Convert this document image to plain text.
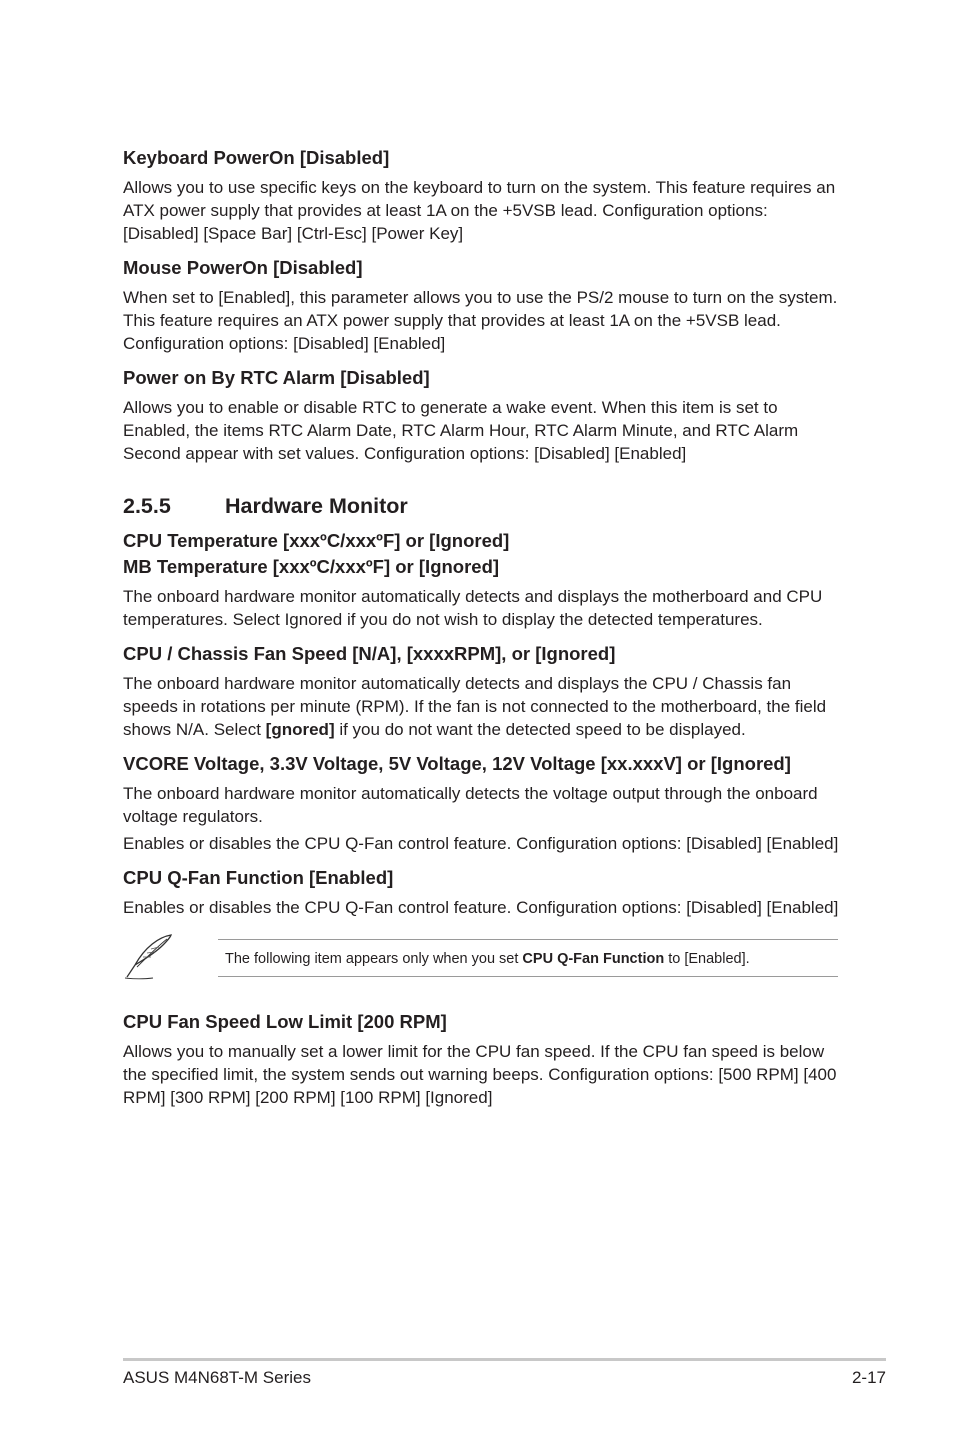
Keyboard PowerOn [Disabled]
Allows you to use specific keys on the keyboard to turn on the system. This feature requires an ATX power supply that provides at least 1A on the +5VSB lead. Configuration options: [Disabled] [Space Bar] [Ctrl-Esc] [Power Key]
Mouse PowerOn [Disabled]
When set to [Enabled], this parameter allows you to use the PS/2 mouse to turn on the system. This feature requires an ATX power supply that provides at least 1A on the +5VSB lead. Configuration options: [Disabled] [Enabled]
Power on By RTC Alarm [Disabled]
Allows you to enable or disable RTC to generate a wake event. When this item is set to Enabled, the items RTC Alarm Date, RTC Alarm Hour, RTC Alarm Minute, and RTC Alarm Second appear with set values. Configuration options: [Disabled] [Enabled]
2.5.5	Hardware Monitor
CPU Temperature [xxxºC/xxxºF] or [Ignored]
MB Temperature [xxxºC/xxxºF] or [Ignored]
The onboard hardware monitor automatically detects and displays the motherboard and CPU temperatures. Select Ignored if you do not wish to display the detected temperatures.
CPU / Chassis Fan Speed [N/A], [xxxxRPM], or [Ignored]
The onboard hardware monitor automatically detects and displays the CPU / Chassis fan speeds in rotations per minute (RPM). If the fan is not connected to the motherboard, the field shows N/A. Select [gnored] if you do not want the detected speed to be displayed.
VCORE Voltage, 3.3V Voltage, 5V Voltage, 12V Voltage [xx.xxxV] or [Ignored]
The onboard hardware monitor automatically detects the voltage output through the onboard voltage regulators.
Enables or disables the CPU Q-Fan control feature. Configuration options: [Disabled] [Enabled]
CPU Q-Fan Function [Enabled]
Enables or disables the CPU Q-Fan control feature. Configuration options: [Disabled] [Enabled]
The following item appears only when you set CPU Q-Fan Function to [Enabled].
CPU Fan Speed Low Limit [200 RPM]
Allows you to manually set a lower limit for the CPU fan speed. If the CPU fan speed is below the specified limit, the system sends out warning beeps. Configuration options: [500 RPM] [400 RPM] [300 RPM] [200 RPM] [100 RPM] [Ignored]
ASUS M4N68T-M Series	2-17
